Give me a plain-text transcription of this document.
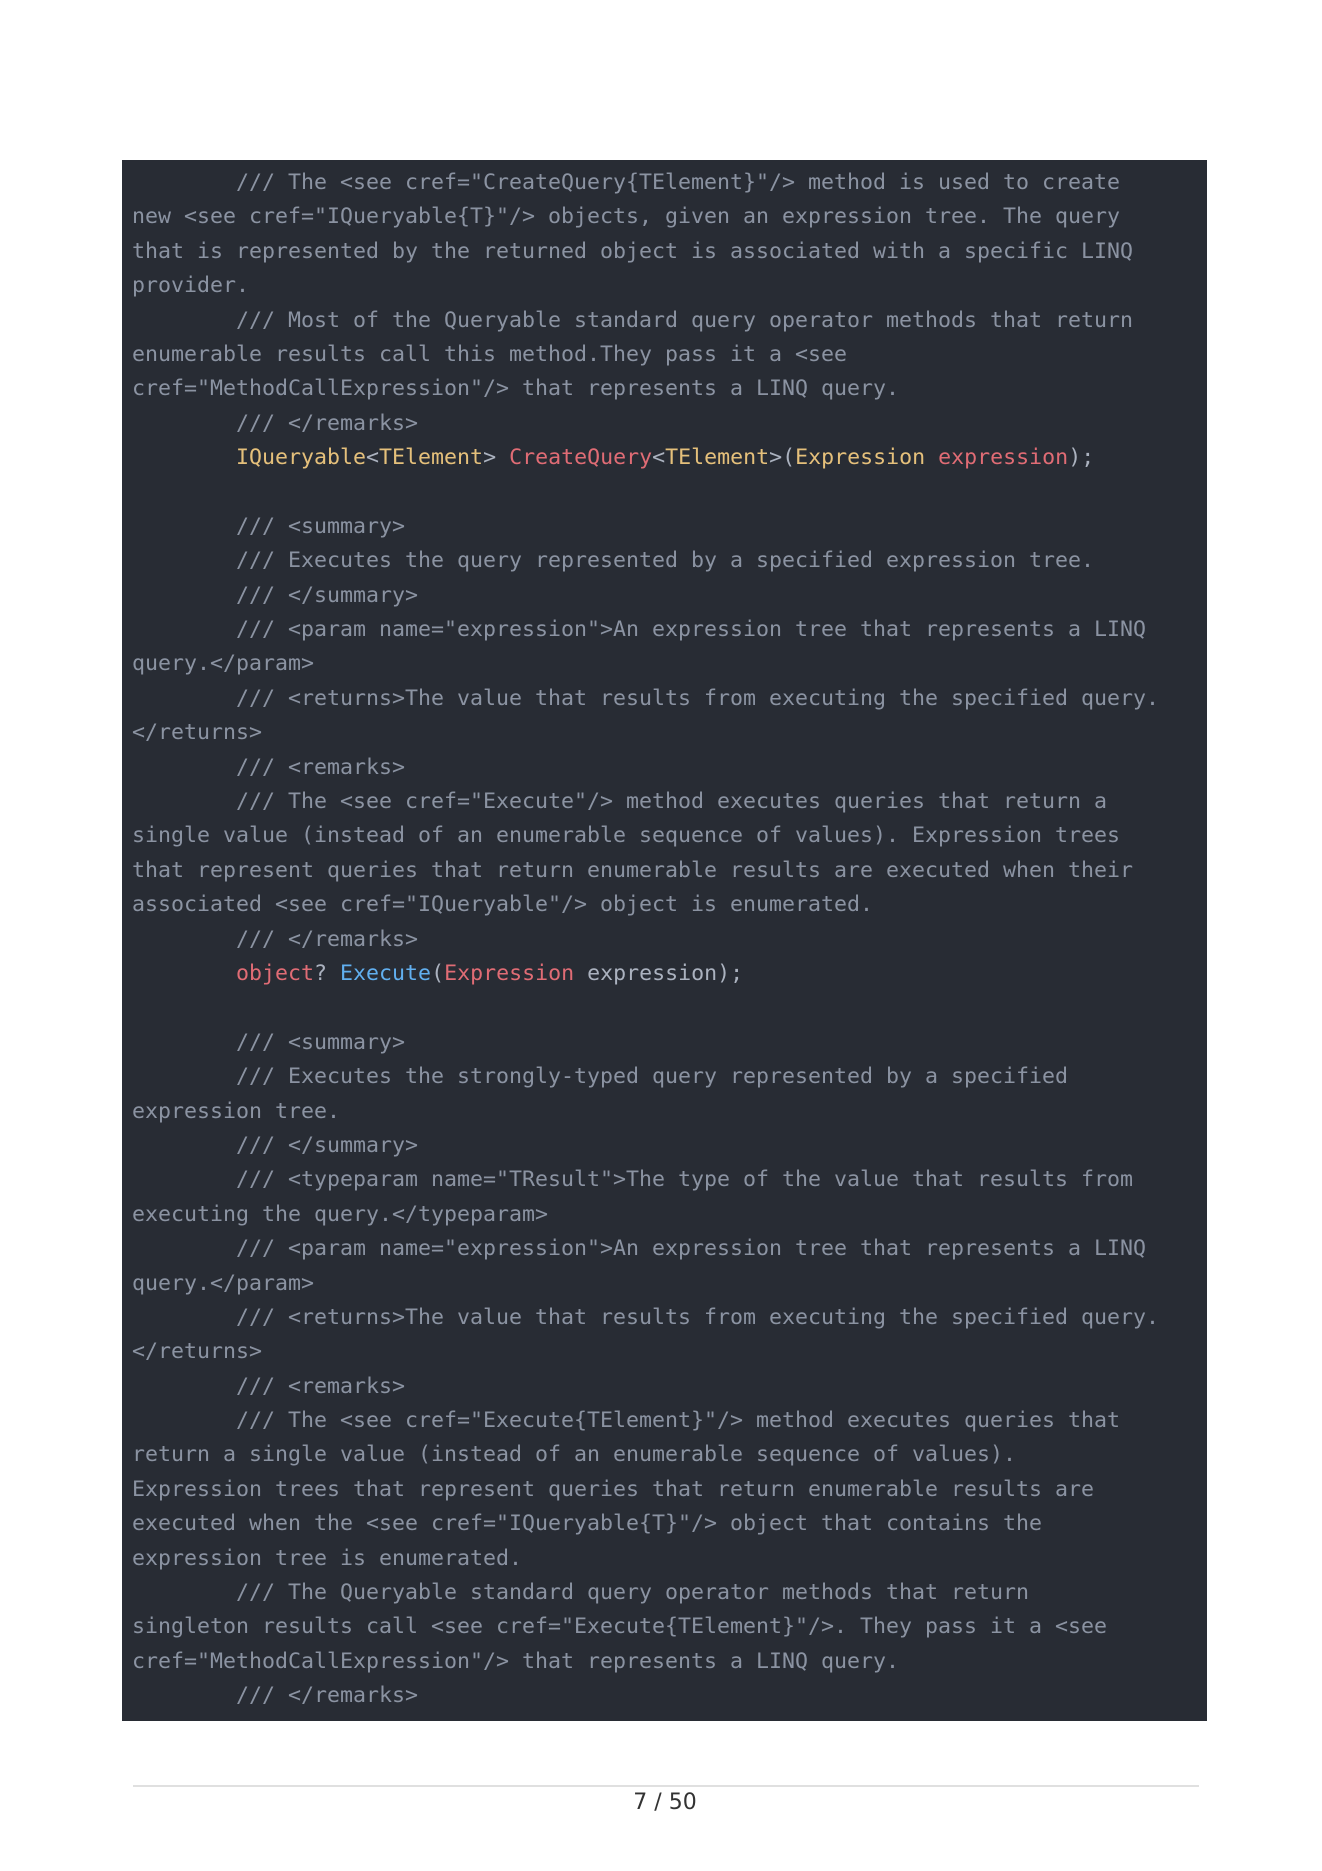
/// The <see cref="CreateQuery{TElement}"/> method is used to create
new <see cref="IQueryable{T}"/> objects, given an expression tree. The query
that is represented by the returned object is associated with a specific LINQ
provider.
/// Most of the Queryable standard query operator methods that return
enumerable results call this method.They pass it a <see
cref="MethodCallExpression"/> that represents a LINQ query.
/// </remarks>
IQueryable<TElement> CreateQuery<TElement>(Expression expression);
/// <summary>
/// Executes the query represented by a specified expression tree.
/// </summary>
/// <param name="expression">An expression tree that represents a LINQ
query.</param>
/// <returns>The value that results from executing the specified query.
</returns>
/// <remarks>
/// The <see cref="Execute"/> method executes queries that return a
single value (instead of an enumerable sequence of values). Expression trees
that represent queries that return enumerable results are executed when their
associated <see cref="IQueryable"/> object is enumerated.
/// </remarks>
object? Execute(Expression expression);
/// <summary>
/// Executes the strongly-typed query represented by a specified
expression tree.
/// </summary>
/// <typeparam name="TResult">The type of the value that results from
executing the query.</typeparam>
/// <param name="expression">An expression tree that represents a LINQ
query.</param>
/// <returns>The value that results from executing the specified query.
</returns>
/// <remarks>
/// The <see cref="Execute{TElement}"/> method executes queries that
return a single value (instead of an enumerable sequence of values).
Expression trees that represent queries that return enumerable results are
executed when the <see cref="IQueryable{T}"/> object that contains the
expression tree is enumerated.
/// The Queryable standard query operator methods that return
singleton results call <see cref="Execute{TElement}"/>. They pass it a <see
cref="MethodCallExpression"/> that represents a LINQ query.
/// </remarks>
7 / 50
